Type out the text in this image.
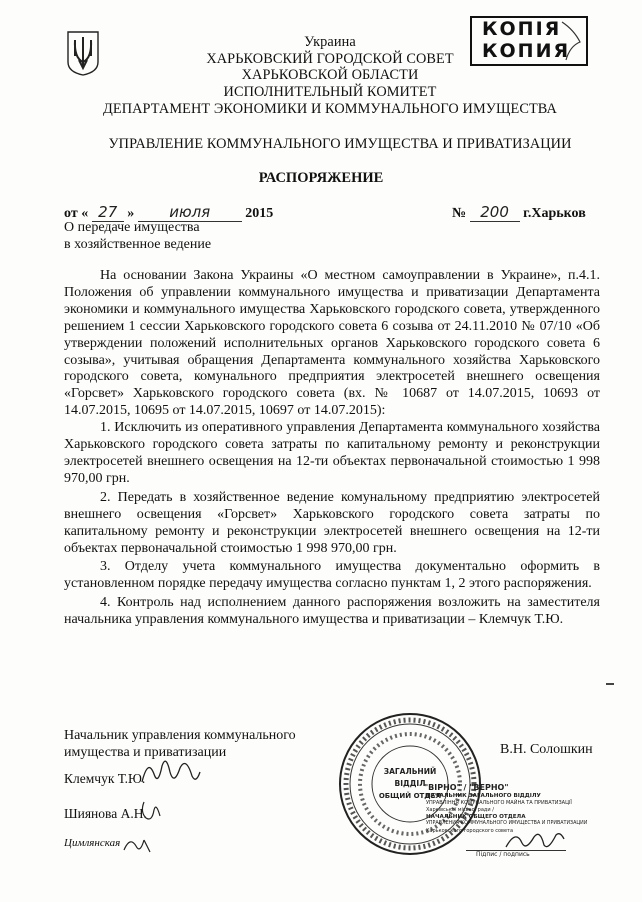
Украина
ХАРЬКОВСКИЙ ГОРОДСКОЙ СОВЕТ
ХАРЬКОВСКОЙ ОБЛАСТИ
ИСПОЛНИТЕЛЬНЫЙ КОМИТЕТ
ДЕПАРТАМЕНТ ЭКОНОМИКИ И КОММУНАЛЬНОГО ИМУЩЕСТВА
УПРАВЛЕНИЕ КОММУНАЛЬНОГО ИМУЩЕСТВА И ПРИВАТИЗАЦИИ
КОПІЯ
КОПИЯ
РАСПОРЯЖЕНИЕ
от « 27 » июля	2015	№ 200 г.Харьков
О передаче имущества
в хозяйственное ведение

На основании Закона Украины «О местном самоуправлении в Украине», п.4.1. Положения об управлении коммунального имущества и приватизации Департамента экономики и коммунального имущества Харьковского городского совета, утвержденного решением 1 сессии Харьковского городского совета 6 созыва от 24.11.2010 № 07/10 «Об утверждении положений исполнительных органов Харьковского городского совета 6 созыва», учитывая обращения Департамента коммунального хозяйства Харьковского городского совета, комунального предприятия электросетей внешнего освещения «Горсвет» Харьковского городского совета (вх. № 10687 от 14.07.2015, 10693 от 14.07.2015, 10695 от 14.07.2015, 10697 от 14.07.2015):

1. Исключить из оперативного управления Департамента коммунального хозяйства Харьковского городского совета затраты по капитальному ремонту и реконструкции электросетей внешнего освещения на 12-ти объектах первоначальной стоимостью 1 998 970,00 грн.

2. Передать в хозяйственное ведение комунальному предприятию электросетей внешнего освещения «Горсвет» Харьковского городского совета затраты по капитальному ремонту и реконструкции электросетей внешнего освещения на 12-ти объектах первоначальной стоимостью 1 998 970,00 грн.

3. Отделу учета коммунального имущества документально оформить в установленном порядке передачу имущества согласно пунктам 1, 2 этого распоряжения.

4. Контроль над исполнением данного распоряжения возложить на заместителя начальника управления коммунального имущества и приватизации – Клемчук Т.Ю.

Начальник управления коммунального
имущества и приватизации	В.Н. Солошкин
Клемчук Т.Ю.
Шиянова А.Н.
Цимлянская
ЗАГАЛЬНИЙ
ВІДДІЛ
ОБЩИЙ ОТДЕЛ
"ВІРНО" / "ВЕРНО"
НАЧАЛЬНИК ЗАГАЛЬНОГО ВІДДІЛУ
УПРАВЛІННЯ КОМУНАЛЬНОГО МАЙНА ТА ПРИВАТИЗАЦІЇ
Харківської міської ради /
НАЧАЛЬНИК ОБЩЕГО ОТДЕЛА
УПРАВЛЕНИЯ КОММУНАЛЬНОГО ИМУЩЕСТВА И ПРИВАТИЗАЦИИ
Харьковского городского совета
Підпис / подпись
